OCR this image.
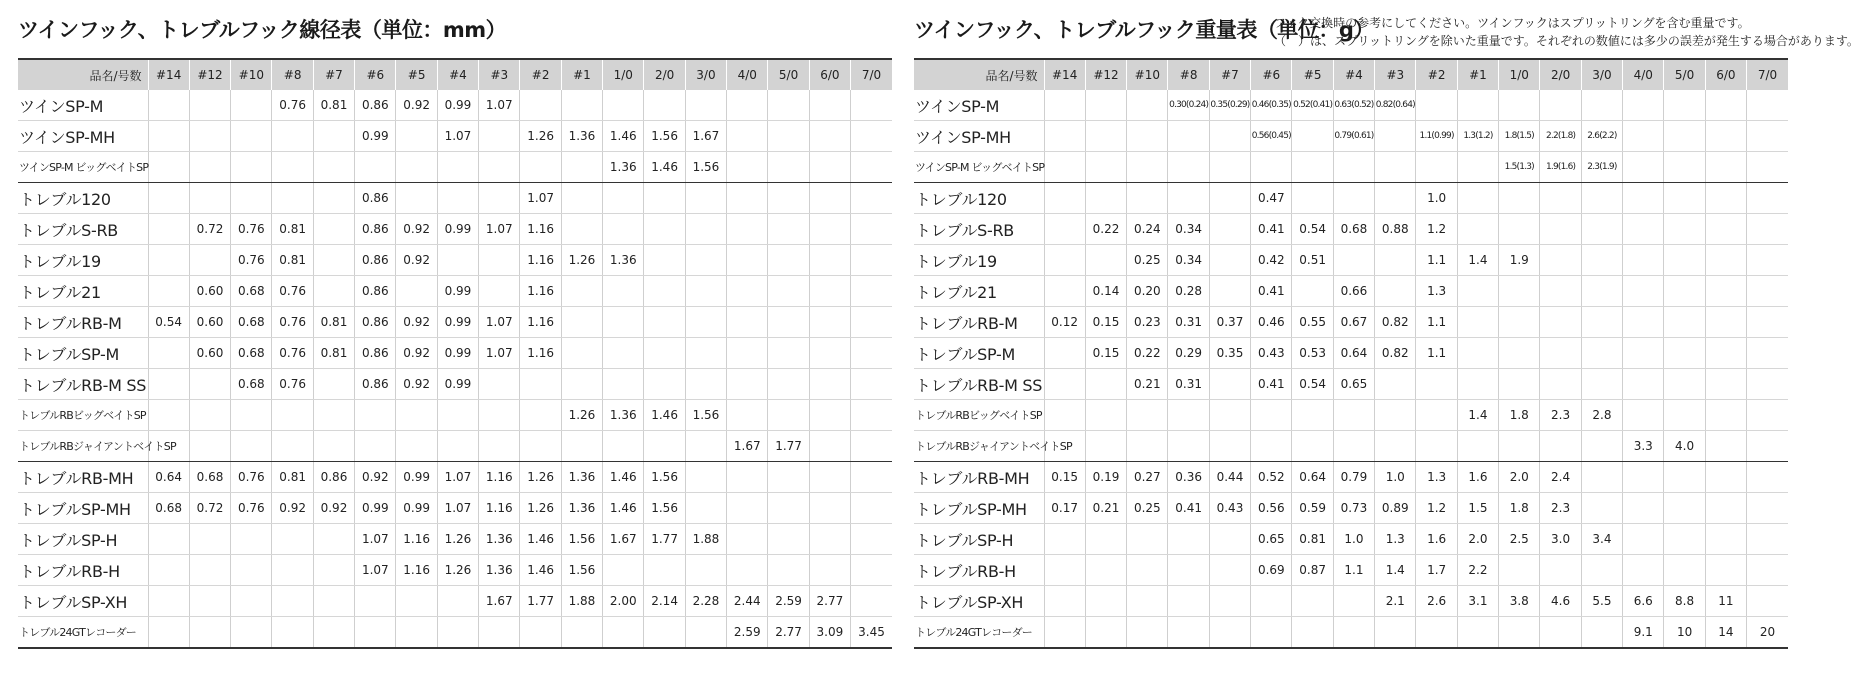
ツインフック、トレブルフック線径表（単位：mm）
品名/号数	#14	#12	#10	#8	#7	#6	#5	#4	#3	#2	#1	1/0	2/0	3/0	4/0	5/0	6/0	7/0
ツインSP-M				0.76	0.81	0.86	0.92	0.99	1.07									
ツインSP-MH						0.99		1.07		1.26	1.36	1.46	1.56	1.67				
ツインSP-M ビッグベイトSP												1.36	1.46	1.56				
トレブル120						0.86				1.07								
トレブルS-RB		0.72	0.76	0.81		0.86	0.92	0.99	1.07	1.16								
トレブル19			0.76	0.81		0.86	0.92			1.16	1.26	1.36						
トレブル21		0.60	0.68	0.76		0.86		0.99		1.16								
トレブルRB-M	0.54	0.60	0.68	0.76	0.81	0.86	0.92	0.99	1.07	1.16								
トレブルSP-M		0.60	0.68	0.76	0.81	0.86	0.92	0.99	1.07	1.16								
トレブルRB-M SS			0.68	0.76		0.86	0.92	0.99										
トレブルRBビッグベイトSP											1.26	1.36	1.46	1.56				
トレブルRBジャイアントベイトSP															1.67	1.77		
トレブルRB-MH	0.64	0.68	0.76	0.81	0.86	0.92	0.99	1.07	1.16	1.26	1.36	1.46	1.56					
トレブルSP-MH	0.68	0.72	0.76	0.92	0.92	0.99	0.99	1.07	1.16	1.26	1.36	1.46	1.56					
トレブルSP-H						1.07	1.16	1.26	1.36	1.46	1.56	1.67	1.77	1.88				
トレブルRB-H						1.07	1.16	1.26	1.36	1.46	1.56							
トレブルSP-XH									1.67	1.77	1.88	2.00	2.14	2.28	2.44	2.59	2.77	
トレブル24GTレコーダー															2.59	2.77	3.09	3.45
ツインフック、トレブルフック重量表（単位：g）
フック交換時の参考にしてください。ツインフックはスプリットリングを含む重量です。
（　）は、スプリットリングを除いた重量です。それぞれの数値には多少の誤差が発生する場合があります。
品名/号数	#14	#12	#10	#8	#7	#6	#5	#4	#3	#2	#1	1/0	2/0	3/0	4/0	5/0	6/0	7/0
ツインSP-M				0.30(0.24)	0.35(0.29)	0.46(0.35)	0.52(0.41)	0.63(0.52)	0.82(0.64)									
ツインSP-MH						0.56(0.45)		0.79(0.61)		1.1(0.99)	1.3(1.2)	1.8(1.5)	2.2(1.8)	2.6(2.2)				
ツインSP-M ビッグベイトSP												1.5(1.3)	1.9(1.6)	2.3(1.9)				
トレブル120						0.47				1.0								
トレブルS-RB		0.22	0.24	0.34		0.41	0.54	0.68	0.88	1.2								
トレブル19			0.25	0.34		0.42	0.51			1.1	1.4	1.9						
トレブル21		0.14	0.20	0.28		0.41		0.66		1.3								
トレブルRB-M	0.12	0.15	0.23	0.31	0.37	0.46	0.55	0.67	0.82	1.1								
トレブルSP-M		0.15	0.22	0.29	0.35	0.43	0.53	0.64	0.82	1.1								
トレブルRB-M SS			0.21	0.31		0.41	0.54	0.65										
トレブルRBビッグベイトSP											1.4	1.8	2.3	2.8				
トレブルRBジャイアントベイトSP															3.3	4.0		
トレブルRB-MH	0.15	0.19	0.27	0.36	0.44	0.52	0.64	0.79	1.0	1.3	1.6	2.0	2.4					
トレブルSP-MH	0.17	0.21	0.25	0.41	0.43	0.56	0.59	0.73	0.89	1.2	1.5	1.8	2.3					
トレブルSP-H						0.65	0.81	1.0	1.3	1.6	2.0	2.5	3.0	3.4				
トレブルRB-H						0.69	0.87	1.1	1.4	1.7	2.2							
トレブルSP-XH									2.1	2.6	3.1	3.8	4.6	5.5	6.6	8.8	11	
トレブル24GTレコーダー															9.1	10	14	20
